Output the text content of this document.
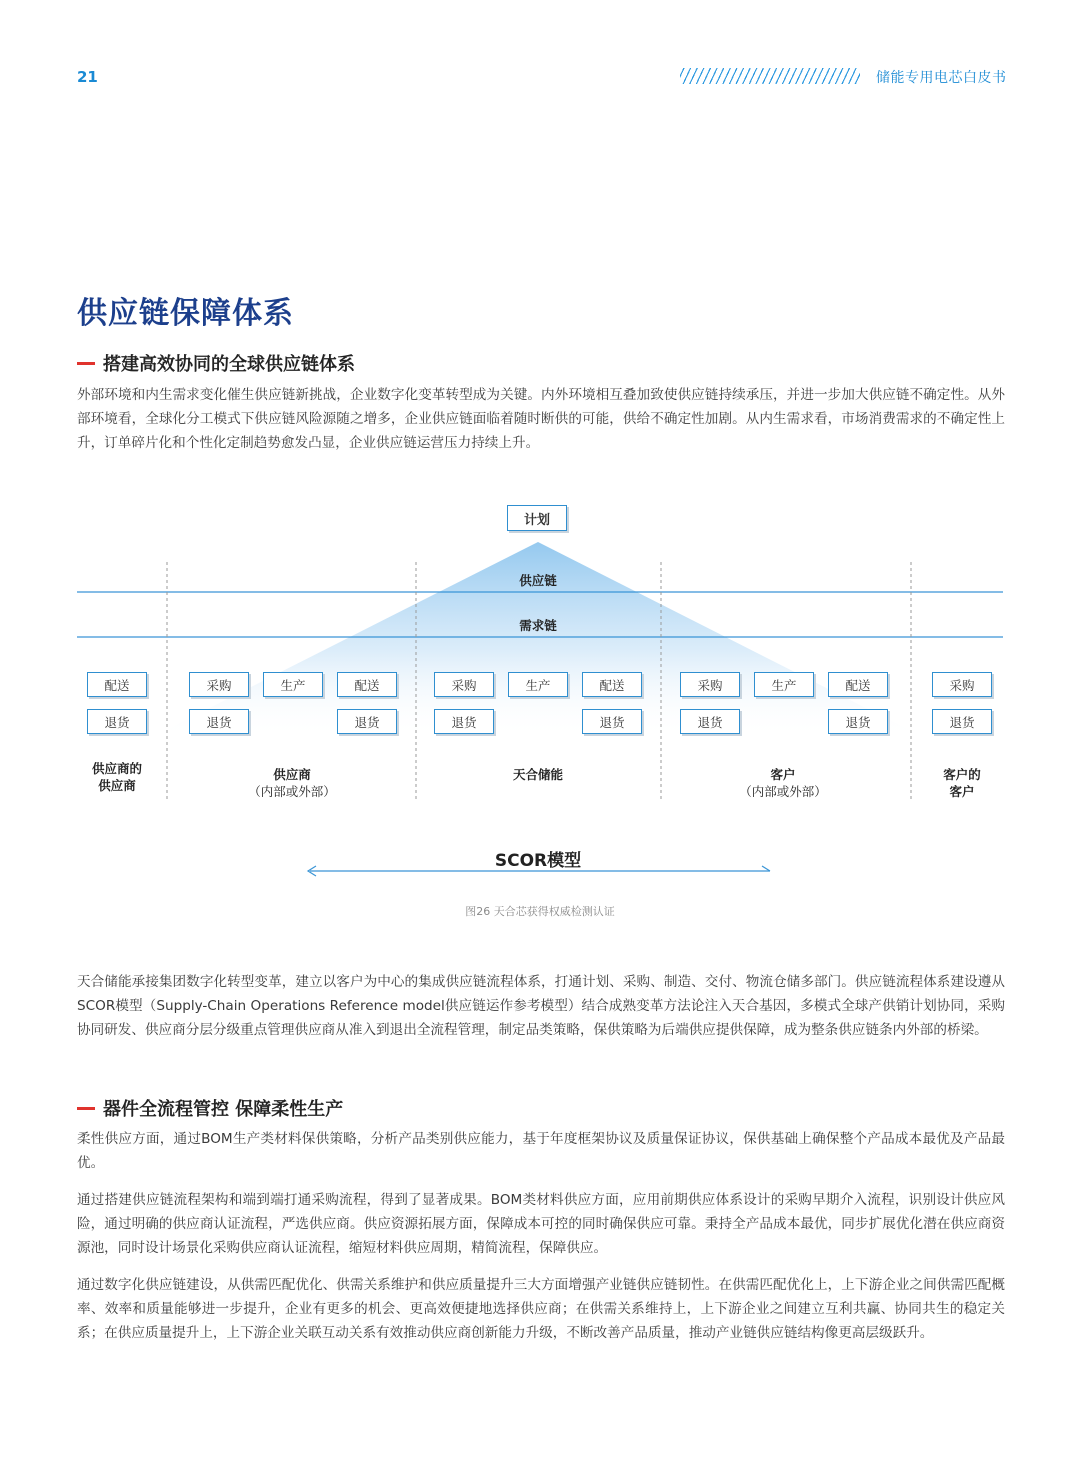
21	储能专用电芯白皮书
供应链保障体系
搭建高效协同的全球供应链体系

外部环境和内生需求变化催生供应链新挑战，企业数字化变革转型成为关键。内外环境相互叠加致使供应链持续承压，并进一步加大供应链不确定性。从外部环境看，全球化分工模式下供应链风险源随之增多，企业供应链面临着随时断供的可能，供给不确定性加剧。从内生需求看，市场消费需求的不确定性上升，订单碎片化和个性化定制趋势愈发凸显，企业供应链运营压力持续上升。

计划
供应链
需求链
配送
退货
采购	生产	配送
退货	退货
采购	生产	配送
退货	退货
采购	生产	配送
退货	退货
采购
退货
供应商的
供应商
供应商
（内部或外部）
天合储能	客户
（内部或外部）
客户的
客户
SCOR模型
图26 天合芯获得权威检测认证

天合储能承接集团数字化转型变革，建立以客户为中心的集成供应链流程体系，打通计划、采购、制造、交付、物流仓储多部门。供应链流程体系建设遵从SCOR模型（Supply-Chain Operations Reference model供应链运作参考模型）结合成熟变革方法论注入天合基因，多模式全球产供销计划协同，采购协同研发、供应商分层分级重点管理供应商从准入到退出全流程管理，制定品类策略，保供策略为后端供应提供保障，成为整条供应链条内外部的桥梁。

器件全流程管控 保障柔性生产

柔性供应方面，通过BOM生产类材料保供策略，分析产品类别供应能力，基于年度框架协议及质量保证协议，保供基础上确保整个产品成本最优及产品最优。

通过搭建供应链流程架构和端到端打通采购流程，得到了显著成果。BOM类材料供应方面，应用前期供应体系设计的采购早期介入流程，识别设计供应风险，通过明确的供应商认证流程，严选供应商。供应资源拓展方面，保障成本可控的同时确保供应可靠。秉持全产品成本最优，同步扩展优化潜在供应商资源池，同时设计场景化采购供应商认证流程，缩短材料供应周期，精简流程，保障供应。

通过数字化供应链建设，从供需匹配优化、供需关系维护和供应质量提升三大方面增强产业链供应链韧性。在供需匹配优化上，上下游企业之间供需匹配概率、效率和质量能够进一步提升，企业有更多的机会、更高效便捷地选择供应商；在供需关系维持上，上下游企业之间建立互利共赢、协同共生的稳定关系；在供应质量提升上，上下游企业关联互动关系有效推动供应商创新能力升级，不断改善产品质量，推动产业链供应链结构像更高层级跃升。
